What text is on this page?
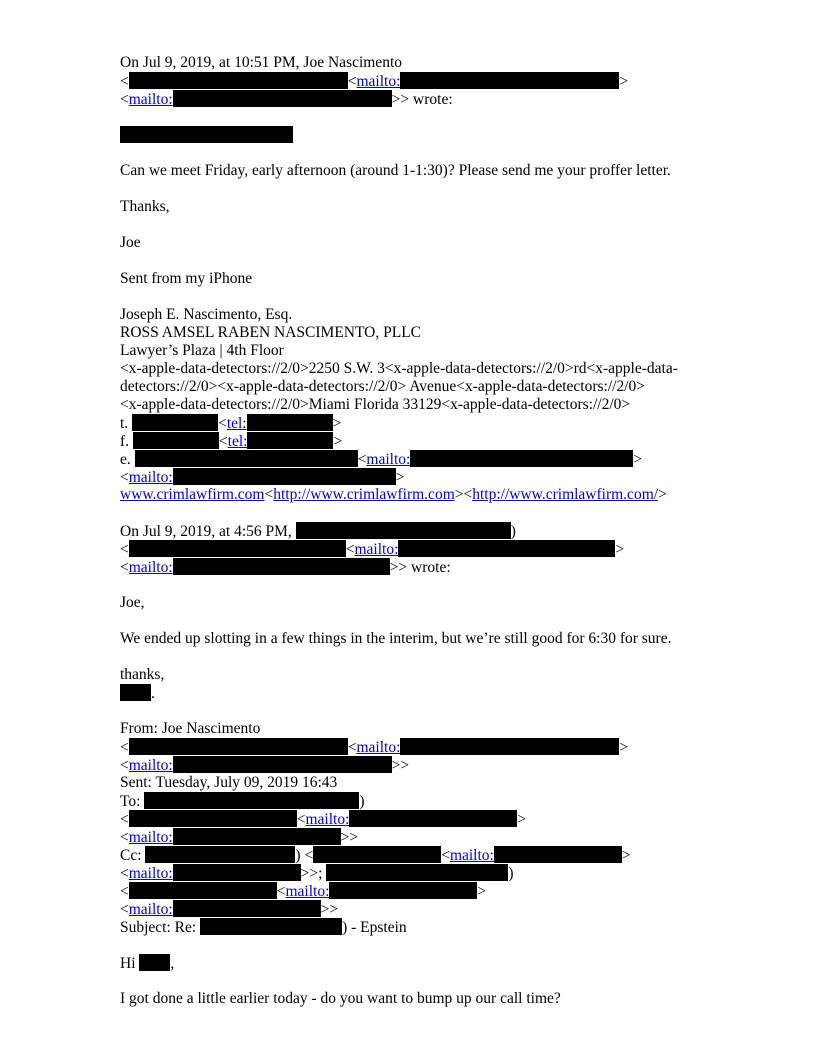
On Jul 9, 2019, at 10:51 PM, Joe Nascimento
<	<mailto:	>
<mailto:	>> wrote:
Can we meet Friday, early afternoon (around 1-1:30)? Please send me your proffer letter.
Thanks,
Joe
Sent from my iPhone
Joseph E. Nascimento, Esq.
ROSS AMSEL RABEN NASCIMENTO, PLLC
Lawyer’s Plaza | 4th Floor
<x-apple-data-detectors://2/0>2250 S.W. 3<x-apple-data-detectors://2/0>rd<x-apple-data-
detectors://2/0><x-apple-data-detectors://2/0> Avenue<x-apple-data-detectors://2/0>
<x-apple-data-detectors://2/0>Miami Florida 33129<x-apple-data-detectors://2/0>
t.	<tel:	>
f.	<tel:	>
e.	<mailto:	>
<mailto:	>
www.crimlawfirm.com<http://www.crimlawfirm.com><http://www.crimlawfirm.com/>
On Jul 9, 2019, at 4:56 PM,	)
<	<mailto:	>
<mailto:	>> wrote:
Joe,
We ended up slotting in a few things in the interim, but we’re still good for 6:30 for sure.
thanks,
.
From: Joe Nascimento
<	<mailto:	>
<mailto:	>>
Sent: Tuesday, July 09, 2019 16:43
To:	)
<	<mailto:	>
<mailto:	>>
Cc:	) <	<mailto:	>
<mailto:	>>;	)
<	<mailto:	>
<mailto:	>>
Subject: Re:	) - Epstein
Hi ,
I got done a little earlier today - do you want to bump up our call time?
